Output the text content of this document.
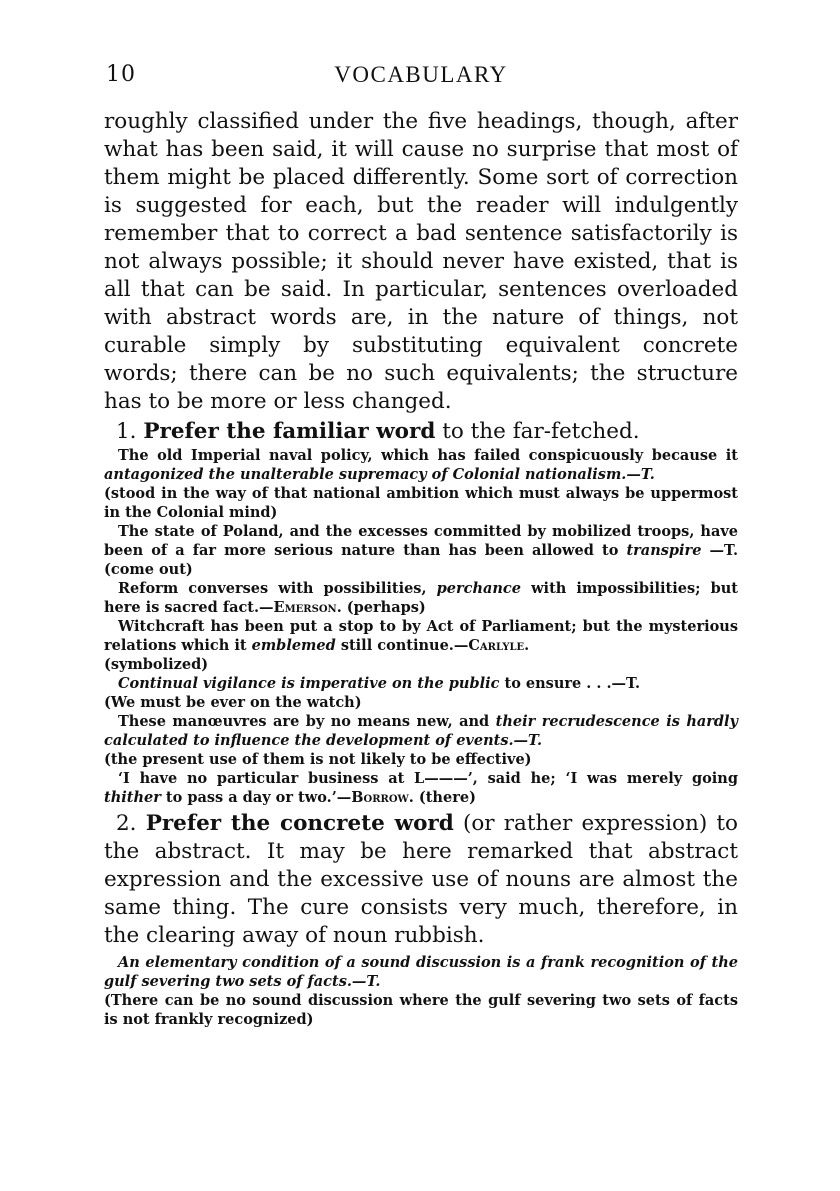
10	VOCABULARY

roughly classified under the five headings, though, after what has been said, it will cause no surprise that most of them might be placed differently. Some sort of correction is suggested for each, but the reader will indulgently remember that to correct a bad sentence satisfactorily is not always possible; it should never have existed, that is all that can be said. In particular, sentences overloaded with abstract words are, in the nature of things, not curable simply by substituting equivalent concrete words; there can be no such equivalents; the structure has to be more or less changed.

1. Prefer the familiar word to the far-fetched.

The old Imperial naval policy, which has failed conspicuously because it antagonized the unalterable supremacy of Colonial nationalism.—T.

(stood in the way of that national ambition which must always be uppermost in the Colonial mind)

The state of Poland, and the excesses committed by mobilized troops, have been of a far more serious nature than has been allowed to transpire —T. (come out)

Reform converses with possibilities, perchance with impossibilities; but here is sacred fact.—Emerson. (perhaps)

Witchcraft has been put a stop to by Act of Parliament; but the mysterious relations which it emblemed still continue.—Carlyle.

(symbolized)

Continual vigilance is imperative on the public to ensure . . .—T.

(We must be ever on the watch)

These manœuvres are by no means new, and their recrudescence is hardly calculated to influence the development of events.—T.

(the present use of them is not likely to be effective)

‘I have no particular business at L———’, said he; ‘I was merely going thither to pass a day or two.’—Borrow. (there)

2. Prefer the concrete word (or rather expression) to the abstract. It may be here remarked that abstract expression and the excessive use of nouns are almost the same thing. The cure consists very much, therefore, in the clearing away of noun rubbish.

An elementary condition of a sound discussion is a frank recognition of the gulf severing two sets of facts.—T.

(There can be no sound discussion where the gulf severing two sets of facts is not frankly recognized)
